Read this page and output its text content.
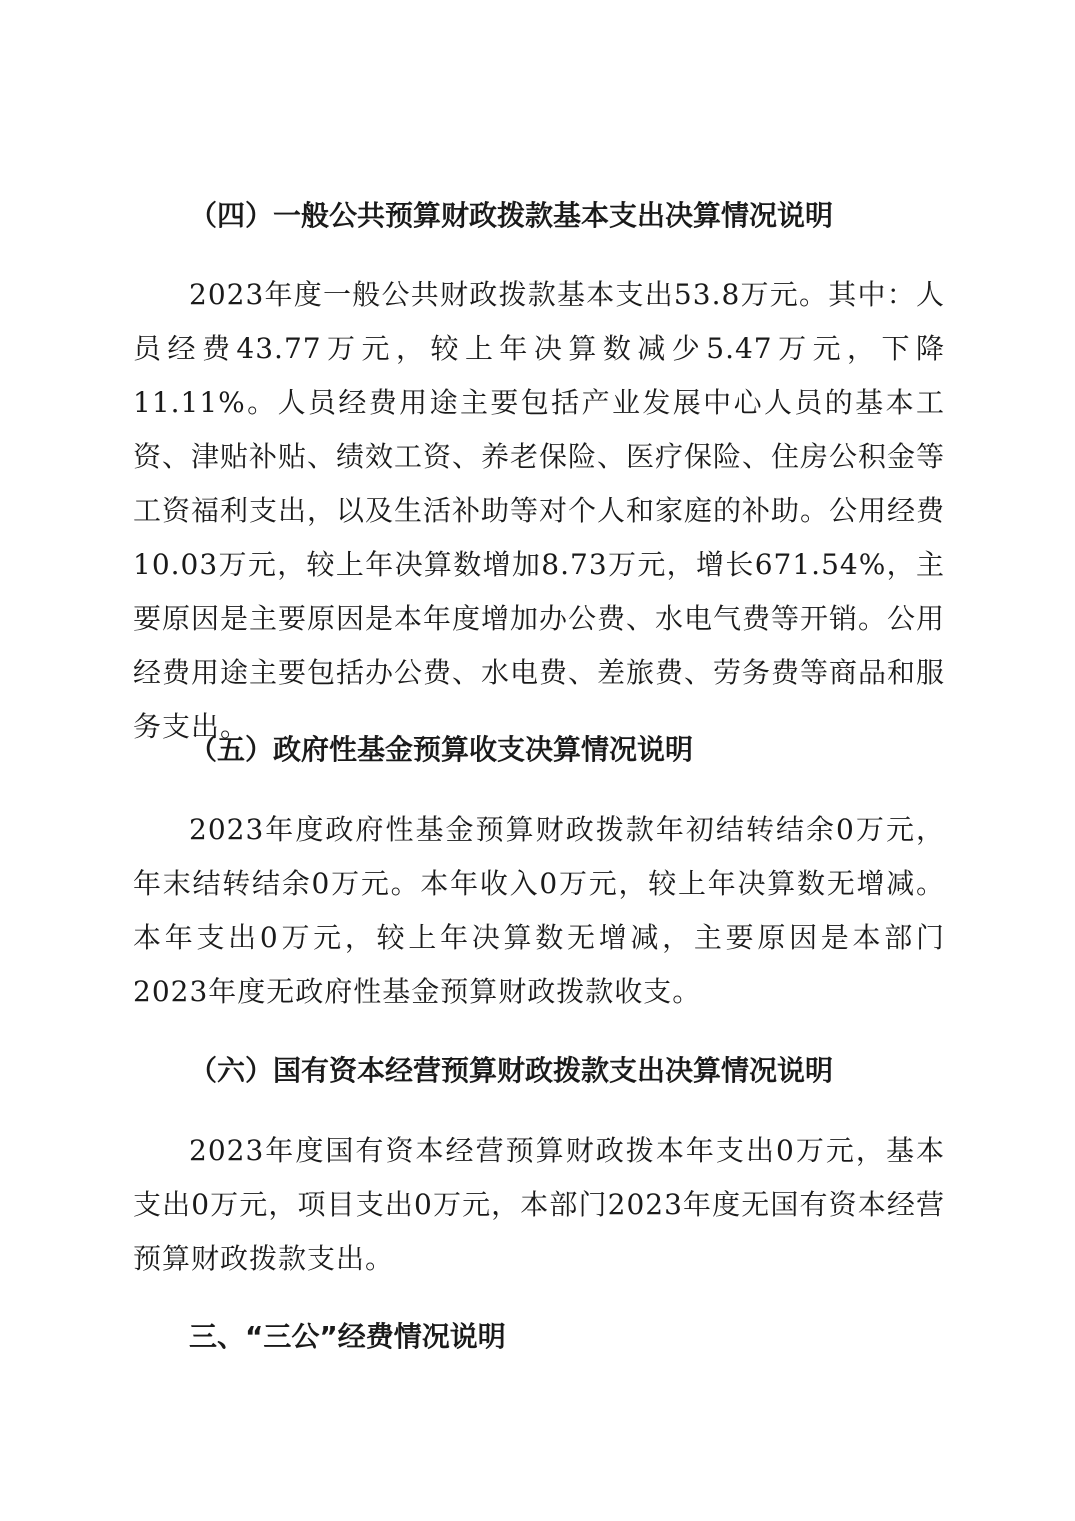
（四）一般公共预算财政拨款基本支出决算情况说明

2023年度一般公共财政拨款基本支出53.8万元。其中：人员经费43.77万元，较上年决算数减少5.47万元，下降11.11%。人员经费用途主要包括产业发展中心人员的基本工资、津贴补贴、绩效工资、养老保险、医疗保险、住房公积金等工资福利支出，以及生活补助等对个人和家庭的补助。公用经费10.03万元，较上年决算数增加8.73万元，增长671.54%，主要原因是主要原因是本年度增加办公费、水电气费等开销。公用经费用途主要包括办公费、水电费、差旅费、劳务费等商品和服务支出。

（五）政府性基金预算收支决算情况说明

2023年度政府性基金预算财政拨款年初结转结余0万元，年末结转结余0万元。本年收入0万元，较上年决算数无增减。本年支出0万元，较上年决算数无增减，主要原因是本部门2023年度无政府性基金预算财政拨款收支。

（六）国有资本经营预算财政拨款支出决算情况说明

2023年度国有资本经营预算财政拨本年支出0万元，基本支出0万元，项目支出0万元，本部门2023年度无国有资本经营预算财政拨款支出。

三、“三公”经费情况说明
